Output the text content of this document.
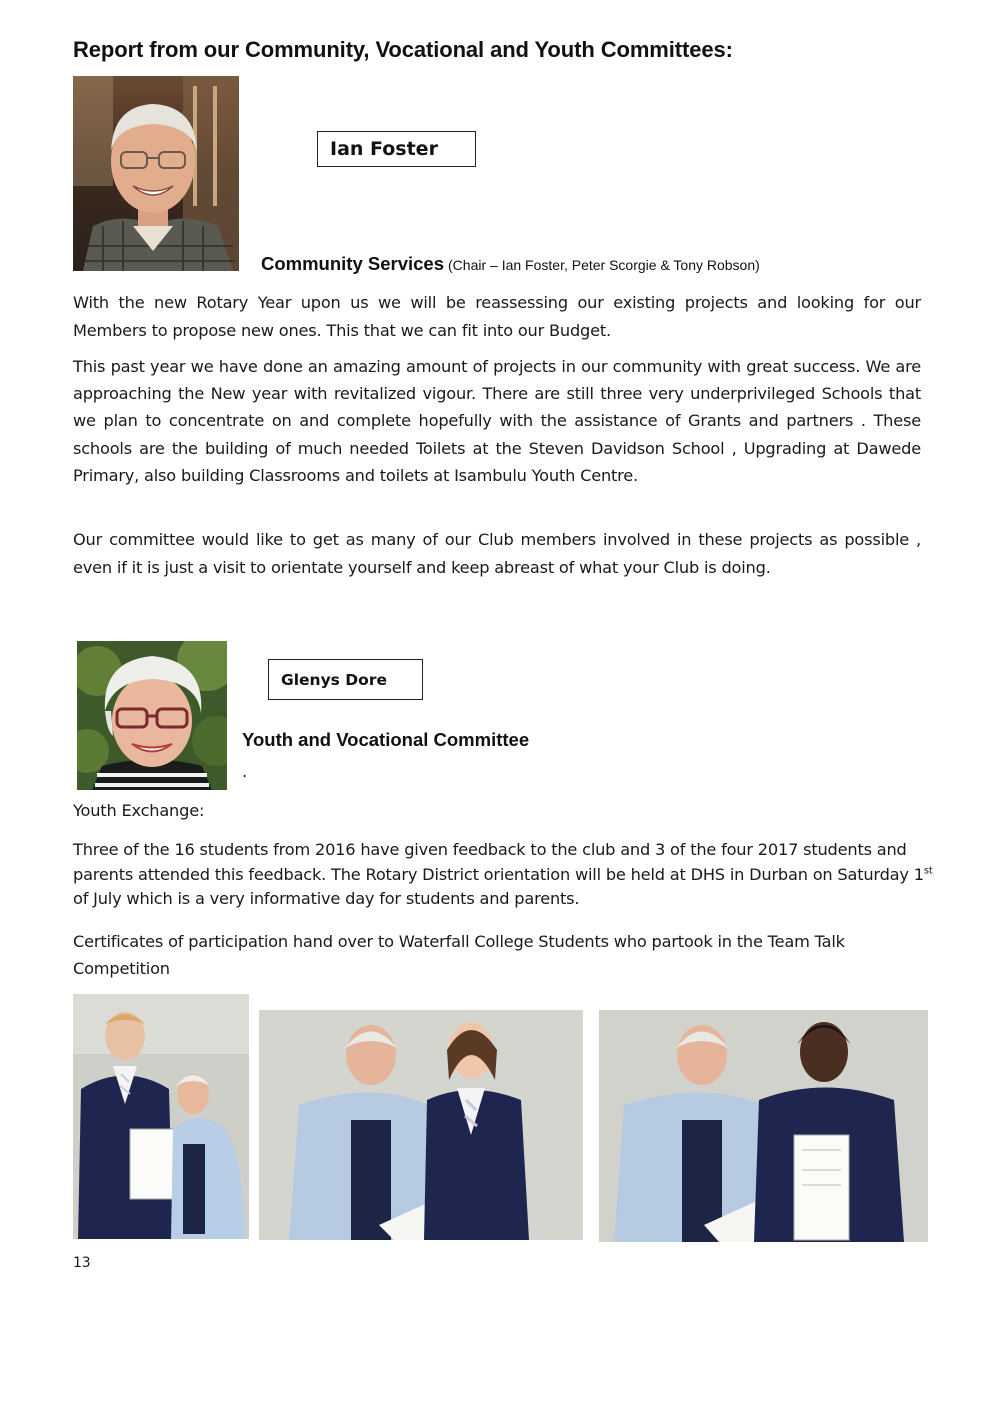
Report from our Community, Vocational and Youth Committees:
Ian Foster
Community Services (Chair – Ian Foster, Peter Scorgie & Tony Robson)

With the new Rotary Year upon us we will be reassessing our existing projects and looking for our Members to propose new ones. This that we can fit into our Budget.

This past year we have done an amazing amount of projects in our community with great success. We are approaching the New year with revitalized vigour. There are still three very underprivileged Schools that we plan to concentrate on and complete hopefully with the assistance of Grants and partners . These schools are the building of much needed Toilets at the Steven Davidson School , Upgrading at Dawede Primary, also building Classrooms and toilets at Isambulu Youth Centre.

Our committee would like to get as many of our Club members involved in these projects as possible , even if it is just a visit to orientate yourself and keep abreast of what your Club is doing.

Glenys Dore
Youth and Vocational Committee
.
Youth Exchange:

Three of the 16 students from 2016 have given feedback to the club and 3 of the four 2017 students and parents attended this feedback. The Rotary District orientation will be held at DHS in Durban on Saturday 1st of July which is a very informative day for students and parents.

Certificates of participation hand over to Waterfall College Students who partook in the Team Talk Competition

13
